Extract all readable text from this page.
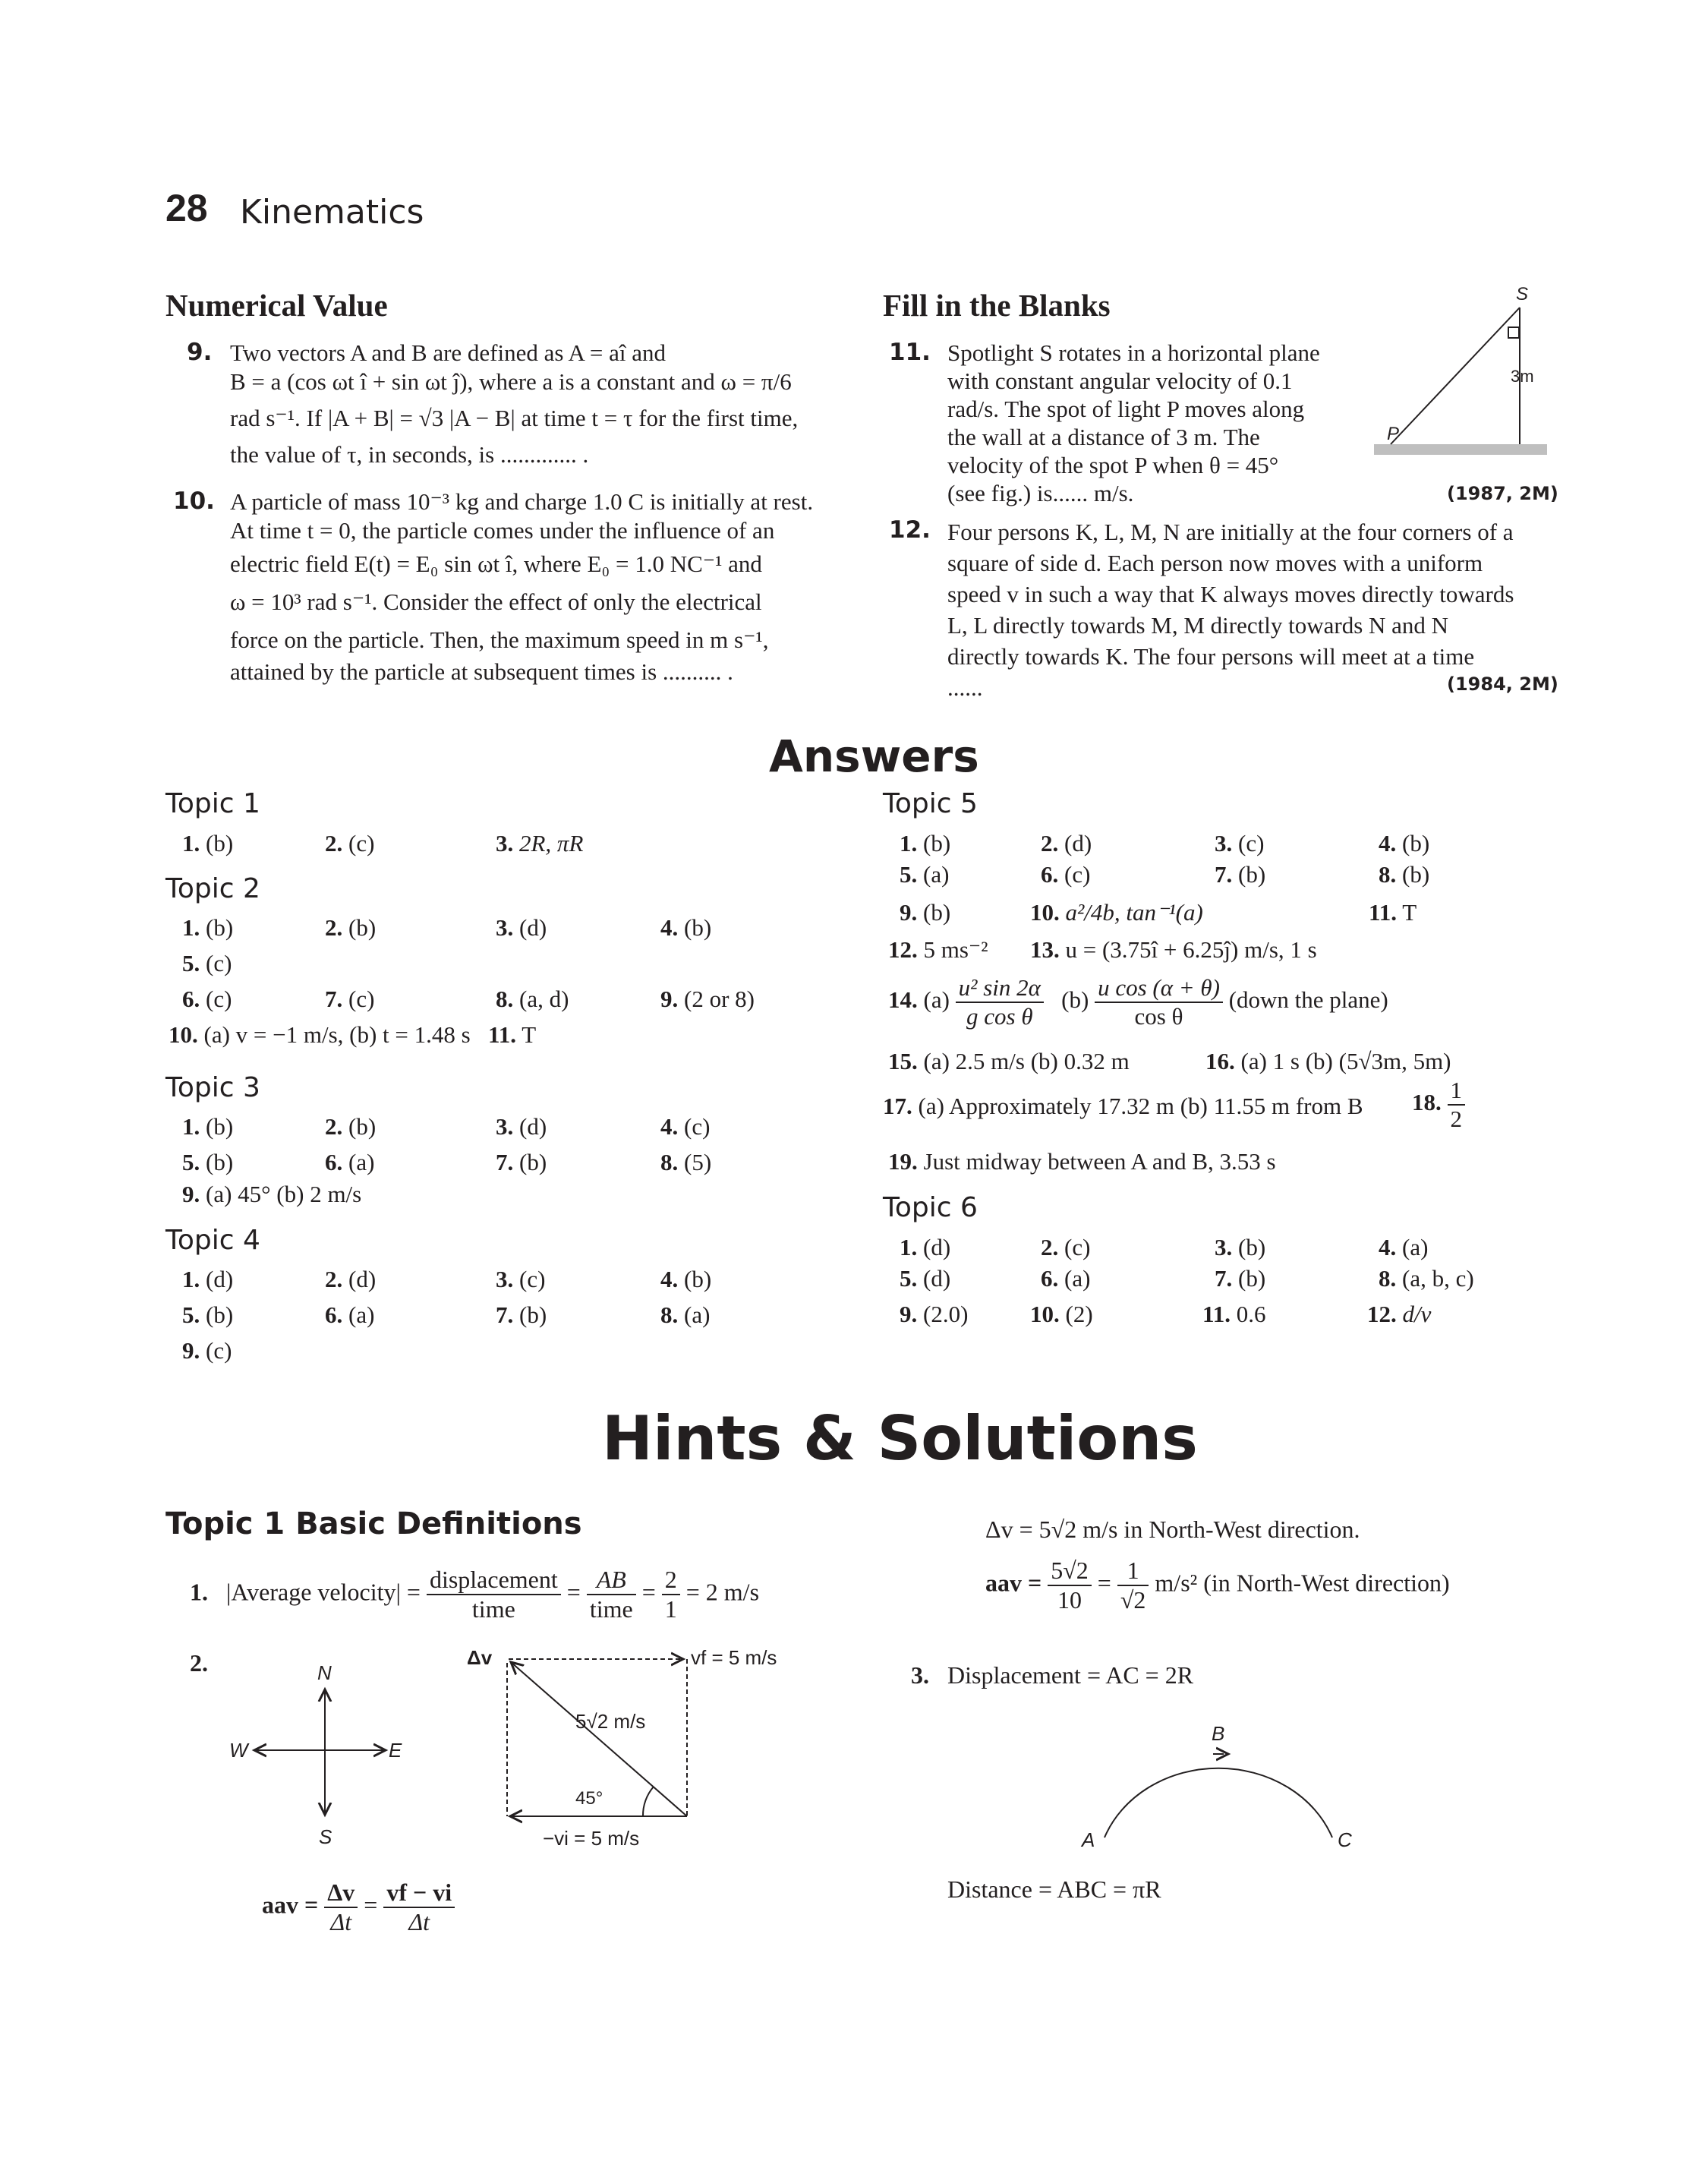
28 Kinematics
Numerical Value
9. Two vectors A and B are defined as A = aî and
B = a (cos ωt î + sin ωt ĵ), where a is a constant and ω = π/6
rad s⁻¹. If |A + B| = √3 |A − B| at time t = τ for the first time,
the value of τ, in seconds, is ............. .
10. A particle of mass 10⁻³ kg and charge 1.0 C is initially at rest.
At time t = 0, the particle comes under the influence of an
electric field E(t) = E₀ sin ωt î, where E₀ = 1.0 NC⁻¹ and
ω = 10³ rad s⁻¹. Consider the effect of only the electrical
force on the particle. Then, the maximum speed in m s⁻¹,
attained by the particle at subsequent times is .......... .
Fill in the Blanks
11. Spotlight S rotates in a horizontal plane
with constant angular velocity of 0.1
rad/s. The spot of light P moves along
the wall at a distance of 3 m. The
velocity of the spot P when θ = 45°
(see fig.) is...... m/s.	(1987, 2M)
S
P
3m
12. Four persons K, L, M, N are initially at the four corners of a
square of side d. Each person now moves with a uniform
speed v in such a way that K always moves directly towards
L, L directly towards M, M directly towards N and N
directly towards K. The four persons will meet at a time
......	(1984, 2M)
Answers
Topic 1
1. (b)	2. (c)	3. 2R, πR
Topic 2
1. (b)	2. (b)	3. (d)	4. (b)
5. (c)
6. (c)	7. (c)	8. (a, d)	9. (2 or 8)
10. (a) v = −1 m/s, (b) t = 1.48 s 11. T
Topic 3
1. (b)	2. (b)	3. (d)	4. (c)
5. (b)	6. (a)	7. (b)	8. (5)
9. (a) 45° (b) 2 m/s
Topic 4
1. (d)	2. (d)	3. (c)	4. (b)
5. (b)	6. (a)	7. (b)	8. (a)
9. (c)
Topic 5
1. (b)	2. (d)	3. (c)	4. (b)
5. (a)	6. (c)	7. (b)	8. (b)
9. (b)	10. a²/4b, tan⁻¹(a)	11. T
12. 5 ms⁻² 13. u = (3.75î + 6.25ĵ) m/s, 1 s
14. $(a) \frac{\text{u² sin 2α}}{\text{g cos θ}} (b) \frac{\text{u cos (α + θ)}}{\text{cos θ}}$ (down the plane)
15. (a) 2.5 m/s (b) 0.32 m	16. (a) 1 s (b) (5√3m, 5m)
17. (a) Approximately 17.32 m (b) 11.55 m from B 18. $\frac{1}{2}$
19. Just midway between A and B, 3.53 s
Topic 6
1. (d)	2. (c)	3. (b)	4. (a)
5. (d)	6. (a)	7. (b)	8. (a, b, c)
9. (2.0)	10. (2)	11. 0.6	12. d/v
Hints & Solutions
Topic 1 Basic Definitions
1. |Average velocity| = $\frac{\text{displacement}}{\text{time}} = \frac{AB}{\text{time}} = \frac{2}{1} = 2$ m/s
2.	N
S
E
W
Δv	vf = 5 m/s
5√2 m/s
45°
−vi = 5 m/s
aav = $\frac{\Delta v}{\Delta t} = \frac{vf - vi}{\Delta t}$
Δv = 5√2 m/s in North-West direction.
aav = $\frac{5√2}{10} = \frac{1}{√2} m/s^2$ (in North-West direction)
3. Displacement = AC = 2R
B
A	C
Distance = ABC = πR
